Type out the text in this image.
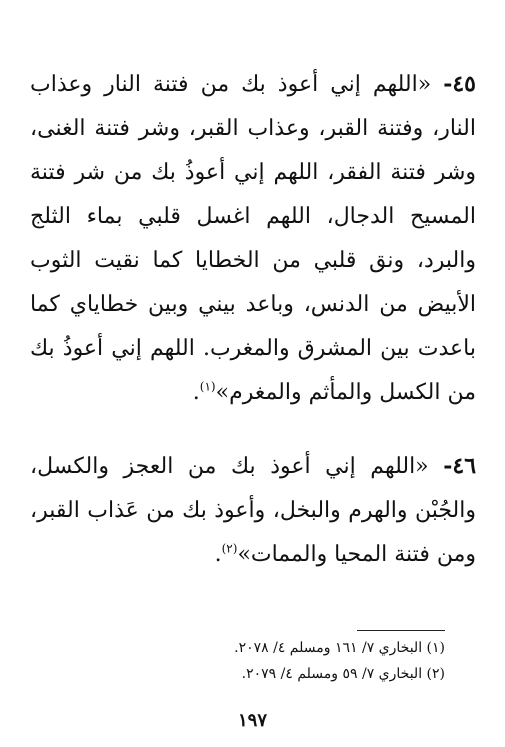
٤٥- «اللهم إني أعوذ بك من فتنة النار وعذاب النار، وفتنة القبر، وعذاب القبر، وشر فتنة الغنى، وشر فتنة الفقر، اللهم إني أعوذُ بك من شر فتنة المسيح الدجال، اللهم اغسل قلبي بماء الثلج والبرد، ونق قلبي من الخطايا كما نقيت الثوب الأبيض من الدنس، وباعد بيني وبين خطاياي كما باعدت بين المشرق والمغرب. اللهم إني أعوذُ بك من الكسل والمأثم والمغرم»$^{(١)}$.

٤٦- «اللهم إني أعوذ بك من العجز والكسل، والجُبْن والهرم والبخل، وأعوذ بك من عَذاب القبر، ومن فتنة المحيا والممات»$^{(٢)}$.

(١) البخاري ٧/ ١٦١ ومسلم ٤/ ٢٠٧٨.

(٢) البخاري ٧/ ٥٩ ومسلم ٤/ ٢٠٧٩.

١٩٧
